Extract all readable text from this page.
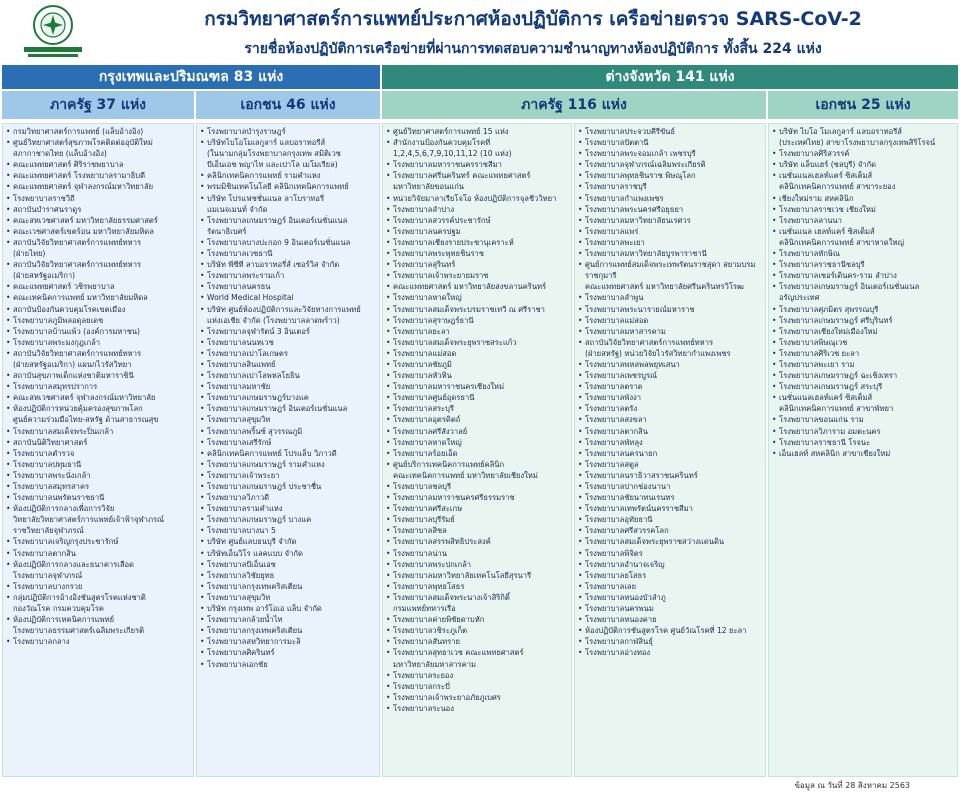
กรมวิทยาศาสตร์การแพทย์ประกาศห้องปฏิบัติการ เครือข่ายตรวจ SARS-CoV-2
รายชื่อห้องปฏิบัติการเครือข่ายที่ผ่านการทดสอบความชำนาญทางห้องปฏิบัติการ ทั้งสิ้น 224 แห่ง
กรุงเทพและปริมณฑล 83 แห่ง	ต่างจังหวัด 141 แห่ง
ภาครัฐ 37 แห่ง	เอกชน 46 แห่ง	ภาครัฐ 116 แห่ง	เอกชน 25 แห่ง
• กรมวิทยาศาสตร์การแพทย์ (แล็บอ้างอิง)
• ศูนย์วิทยาศาสตร์สุขภาพโรคติดต่ออุบัติใหม่
สภากาชาดไทย (แล็บอ้างอิง)
• คณะแพทยศาสตร์ ศิริราชพยาบาล
• คณะแพทยศาสตร์ โรงพยาบาลรามาธิบดี
• คณะแพทยศาสตร์ จุฬาลงกรณ์มหาวิทยาลัย
• โรงพยาบาลราชวิถี
• สถาบันบำราศนราดูร
• คณะสหเวชศาสตร์ มหาวิทยาลัยธรรมศาสตร์
• คณะเวชศาสตร์เขตร้อน มหาวิทยาลัยมหิดล
• สถาบันวิจัยวิทยาศาสตร์การแพทย์ทหาร
(ฝ่ายไทย)
• สถาบันวิจัยวิทยาศาสตร์การแพทย์ทหาร
(ฝ่ายสหรัฐอเมริกา)
• คณะแพทยศาสตร์ วชิรพยาบาล
• คณะเทคนิคการแพทย์ มหาวิทยาลัยมหิดล
• สถาบันป้องกันควบคุมโรคเขตเมือง
• โรงพยาบาลภูมิพลอดุลยเดช
• โรงพยาบาลบ้านแพ้ว (องค์การมหาชน)
• โรงพยาบาลพระมงกุฎเกล้า
• สถาบันวิจัยวิทยาศาสตร์การแพทย์ทหาร
(ฝ่ายสหรัฐอเมริกา) แผนกไวรัสวิทยา
• สถาบันสุขภาพเด็กแห่งชาติมหาราชินี
• โรงพยาบาลสมุทรปราการ
• คณะสหเวชศาสตร์ จุฬาลงกรณ์มหาวิทยาลัย
• ห้องปฏิบัติการหน่วยคุ้มครองสุขภาพโลก
ศูนย์ความร่วมมือไทย-สหรัฐ ด้านสาธารณสุข
• โรงพยาบาลสมเด็จพระปิ่นเกล้า
• สถาบันนิติวิทยาศาสตร์
• โรงพยาบาลตำรวจ
• โรงพยาบาลปทุมธานี
• โรงพยาบาลพระนั่งเกล้า
• โรงพยาบาลสมุทรสาคร
• โรงพยาบาลนพรัตนราชธานี
• ห้องปฏิบัติการกลางเพื่อการวิจัย
วิทยาลัยวิทยาศาสตร์การแพทย์เจ้าฟ้าจุฬาภรณ์
ราชวิทยาลัยจุฬาภรณ์
• โรงพยาบาลเจริญกรุงประชารักษ์
• โรงพยาบาลตากสิน
• ห้องปฏิบัติการกลางและธนาคารเลือด
โรงพยาบาลจุฬาภรณ์
• โรงพยาบาลบางกรวย
• กลุ่มปฏิบัติการอ้างอิงชันสูตรโรคแห่งชาติ
กองวัณโรค กรมควบคุมโรค
• ห้องปฏิบัติการเทคนิคการแพทย์
โรงพยาบาลธรรมศาสตร์เฉลิมพระเกียรติ
• โรงพยาบาลกลาง
• โรงพยาบาลบำรุงราษฎร์
• บริษัทไบโอโมเลกูลาร์ แลบอราทอรีส์
(ในนามกลุ่มโรงพยาบาลกรุงเทพ สมิติเวช
บีเอ็นเอช พญาไท และเปาโล เมโมเรียล)
• คลินิกเทคนิคการแพทย์ รามคำแหง
• พรมมิชินเทคโนโลยี คลินิกเทคนิคการแพทย์
• บริษัท โปรแฟชชั่นแนล ลาโบราทอรี่
แมเนจเมนท์ จำกัด
• โรงพยาบาลเกษมราษฎร์ อินเตอร์เนชั่นแนล
รัตนาธิเบศร์
• โรงพยาบาลบางปะกอก 9 อินเตอร์เนชั่นแนล
• โรงพยาบาลเวชธานี
• บริษัท พีซีที ลาบอราทอรี่ส์ เซอร์วิส จำกัด
• โรงพยาบาลพระรามเก้า
• โรงพยาบาลนครธน
• World Medical Hospital
• บริษัท ศูนย์ห้องปฏิบัติการและวิจัยทางการแพทย์
แห่งเอเชีย จำกัด (โรงพยาบาลลาดพร้าว)
• โรงพยาบาลจุฬารัตน์ 3 อินเตอร์
• โรงพยาบาลนนทเวช
• โรงพยาบาลเปาโลเกษตร
• โรงพยาบาลสินแพทย์
• โรงพยาบาลเปาโลพหลโยธิน
• โรงพยาบาลมหาชัย
• โรงพยาบาลเกษมราษฎร์บางแค
• โรงพยาบาลเกษมราษฎร์ อินเตอร์เนชั่นแนล
• โรงพยาบาลสุขุมวิท
• โรงพยาบาลพริ้นซ์ สุวรรณภูมิ
• โรงพยาบาลเสรีรักษ์
• คลินิกเทคนิคการแพทย์ โปรแล็บ วิภาวดี
• โรงพยาบาลเกษมราษฎร์ รามคำแหง
• โรงพยาบาลเจ้าพระยา
• โรงพยาบาลเกษมราษฎร์ ประชาชื่น
• โรงพยาบาลวิภาวดี
• โรงพยาบาลรามคำแหง
• โรงพยาบาลเกษมราษฎร์ บางแค
• โรงพยาบาลบางนา 5
• บริษัท ศูนย์แลบธนบุรี จำกัด
• บริษัทเอ็นวิโร แลคแบบ จำกัด
• โรงพยาบาลบีเอ็นเอช
• โรงพยาบาลวิชัยยุทธ
• โรงพยาบาลกรุงเทพคริสเตียน
• โรงพยาบาลสุขุมวิท
• บริษัท กรุงเทพ อาร์โอเอ แล็บ จำกัด
• โรงพยาบาลกล้วยน้ำไท
• โรงพยาบาลกรุงเทพคริสเตียน
• โรงพยาบาลสหวิทยาการมะลิ
• โรงพยาบาลศิครินทร์
• โรงพยาบาลเอกชัย
• ศูนย์วิทยาศาสตร์การแพทย์ 15 แห่ง
• สำนักงานป้องกันควบคุมโรคที่
1,2,4,5,6,7,9,10,11,12 (10 แห่ง)
• โรงพยาบาลมหาราชนครราชสีมา
• โรงพยาบาลศรีนครินทร์ คณะแพทยศาสตร์
มหาวิทยาลัยขอนแก่น
• หน่วยวิจัยมาลาเรียโจโอ ห้องปฏิบัติการจุลชีววิทยา
• โรงพยาบาลลำปาง
• โรงพยาบาลสวรรค์ประชารักษ์
• โรงพยาบาลนครปฐม
• โรงพยาบาลเชียงรายประชานุเคราะห์
• โรงพยาบาลพระพุทธชินราช
• โรงพยาบาลสุรินทร์
• โรงพยาบาลเจ้าพระยายมราช
• คณะแพทยศาสตร์ มหาวิทยาลัยสงขลานครินทร์
• โรงพยาบาลหาดใหญ่
• โรงพยาบาลสมเด็จพระบรมราชเทวี ณ ศรีราชา
• โรงพยาบาลสุราษฎร์ธานี
• โรงพยาบาลยะลา
• โรงพยาบาลสมเด็จพระยุพราชสระแก้ว
• โรงพยาบาลแม่สอด
• โรงพยาบาลชัยภูมิ
• โรงพยาบาลหัวหิน
• โรงพยาบาลมหาราชนครเชียงใหม่
• โรงพยาบาลศูนย์อุดรธานี
• โรงพยาบาลสระบุรี
• โรงพยาบาลอุตรดิตถ์
• โรงพยาบาลศรีสังวาลย์
• โรงพยาบาลหาดใหญ่
• โรงพยาบาลร้อยเอ็ด
• ศูนย์บริการเทคนิคการแพทย์คลินิก
คณะเทคนิคการแพทย์ มหาวิทยาลัยเชียงใหม่
• โรงพยาบาลชลบุรี
• โรงพยาบาลมหาราชนครศรีธรรมราช
• โรงพยาบาลศรีสะเกษ
• โรงพยาบาลบุรีรัมย์
• โรงพยาบาลสิชล
• โรงพยาบาลสรรพสิทธิประสงค์
• โรงพยาบาลน่าน
• โรงพยาบาลพระปกเกล้า
• โรงพยาบาลมหาวิทยาลัยเทคโนโลยีสุรนารี
• โรงพยาบาลพุทธโสธร
• โรงพยาบาลสมเด็จพระนางเจ้าสิริกิติ์
กรมแพทย์ทหารเรือ
• โรงพยาบาลค่ายพิชัยดาบหัก
• โรงพยาบาลวชิระภูเก็ต
• โรงพยาบาลสันทราย
• โรงพยาบาลสุทธาเวช คณะแพทยศาสตร์
มหาวิทยาลัยมหาสารคาม
• โรงพยาบาลระยอง
• โรงพยาบาลกระบี่
• โรงพยาบาลเจ้าพระยาอภัยภูเบศร
• โรงพยาบาลระนอง
• โรงพยาบาลประจวบคีรีขันธ์
• โรงพยาบาลปัตตานี
• โรงพยาบาลพระจอมเกล้า เพชรบุรี
• โรงพยาบาลจุฬาภรณ์เฉลิมพระเกียรติ
• โรงพยาบาลพุทธชินราช พิษณุโลก
• โรงพยาบาลราชบุรี
• โรงพยาบาลกำแพงเพชร
• โรงพยาบาลพระนครศรีอยุธยา
• โรงพยาบาลมหาวิทยาลัยนเรศวร
• โรงพยาบาลแพร่
• โรงพยาบาลพะเยา
• โรงพยาบาลมหาวิทยาลัยบูรพาราชานี
• ศูนย์การแพทย์สมเด็จพระเทพรัตนราชสุดา สยามบรมราชกุมารี
คณะแพทยศาสตร์ มหาวิทยาลัยศรีนครินทรวิโรฒ
• โรงพยาบาลลำพูน
• โรงพยาบาลพระนารายณ์มหาราช
• โรงพยาบาลแม่สอด
• โรงพยาบาลมหาสารคาม
• สถาบันวิจัยวิทยาศาสตร์การแพทย์ทหาร
(ฝ่ายสหรัฐ) หน่วยวิจัยไวรัสวิทยากำแพงเพชร
• โรงพยาบาลพหลพลพยุหเสนา
• โรงพยาบาลเพชรบูรณ์
• โรงพยาบาลตราด
• โรงพยาบาลพังงา
• โรงพยาบาลตรัง
• โรงพยาบาลสงขลา
• โรงพยาบาลตากสิน
• โรงพยาบาลพัทลุง
• โรงพยาบาลนครนายก
• โรงพยาบาลสตูล
• โรงพยาบาลนราธิวาสราชนครินทร์
• โรงพยาบาลปากช่องนานา
• โรงพยาบาลชัยนาทนเรนทร
• โรงพยาบาลเทพรัตน์นครราชสีมา
• โรงพยาบาลอุทัยธานี
• โรงพยาบาลศรีสวรรคโลก
• โรงพยาบาลสมเด็จพระยุพราชสว่างแดนดิน
• โรงพยาบาลพิจิตร
• โรงพยาบาลอำนาจเจริญ
• โรงพยาบาลยโสธร
• โรงพยาบาลเลย
• โรงพยาบาลหนองบัวลำภู
• โรงพยาบาลนครพนม
• โรงพยาบาลหนองคาย
• ห้องปฏิบัติการชันสูตรโรค ศูนย์วัณโรคที่ 12 ยะลา
• โรงพยาบาลกาฬสินธุ์
• โรงพยาบาลอ่างทอง
• บริษัท ไบโอ โมเลกูลาร์ แลบอราทอรีส์
(ประเทศไทย) สาขาโรงพยาบาลกรุงเทพสิริโรจน์
• โรงพยาบาลศิริสวรรค์
• บริษัท แล็บแฮร์ (ชลบุรี) จำกัด
• เนชั่นแนลเฮลท์แคร์ ซิสเต็มส์
คลินิกเทคนิคการแพทย์ สาขาระยอง
• เชียงใหม่ราม สหคลินิก
• โรงพยาบาลราชเวช เชียงใหม่
• โรงพยาบาลลานนา
• เนชั่นแนล เฮลท์แคร์ ซิสเต็มส์
คลินิกเทคนิคการแพทย์ สาขาหาดใหญ่
• โรงพยาบาลทักษิณ
• โรงพยาบาลราชธานีชลบุรี
• โรงพยาบาลเซอร์เดินคร-ราม ลำปาง
• โรงพยาบาลเกษมราษฎร์ อินเตอร์เนชั่นแนล อรัญประเทศ
• โรงพยาบาลศุภมิตร สุพรรณบุรี
• โรงพยาบาลเกษมราษฎร์ ศรีบุรินทร์
• โรงพยาบาลเชียงใหม่เมืองใหม่
• โรงพยาบาลพิษณุเวช
• โรงพยาบาลศิริเวช ยะลา
• โรงพยาบาลพะเยา ราม
• โรงพยาบาลเกษมราษฎร์ ฉะเชิงเทรา
• โรงพยาบาลเกษมราษฎร์ สระบุรี
• เนชั่นแนลเฮลท์แคร์ ซิสเต็มส์
คลินิกเทคนิคการแพทย์ สาขาพัทยา
• โรงพยาบาลขอนแก่น ราม
• โรงพยาบาลวิภาราม อมตะนคร
• โรงพยาบาลราชธานี โรจนะ
• เอ็นเฮลท์ สหคลินิก สาขาเชียงใหม่
ข้อมูล ณ วันที่ 28 สิงหาคม 2563
